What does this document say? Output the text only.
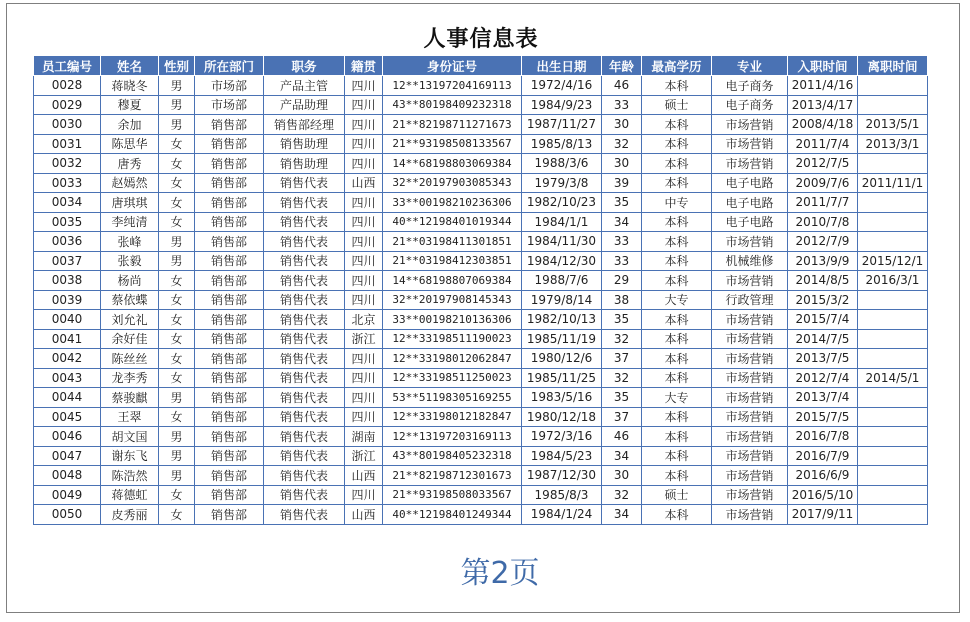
人事信息表
员工编号	姓名	性别	所在部门	职务	籍贯	身份证号	出生日期	年龄	最高学历	专业	入职时间	离职时间
0028	蒋晓冬	男	市场部	产品主管	四川	12**13197204169113	1972/4/16	46	本科	电子商务	2011/4/16	
0029	穆夏	男	市场部	产品助理	四川	43**80198409232318	1984/9/23	33	硕士	电子商务	2013/4/17	
0030	余加	男	销售部	销售部经理	四川	21**82198711271673	1987/11/27	30	本科	市场营销	2008/4/18	2013/5/1
0031	陈思华	女	销售部	销售助理	四川	21**93198508133567	1985/8/13	32	本科	市场营销	2011/7/4	2013/3/1
0032	唐秀	女	销售部	销售助理	四川	14**68198803069384	1988/3/6	30	本科	市场营销	2012/7/5	
0033	赵嫣然	女	销售部	销售代表	山西	32**20197903085343	1979/3/8	39	本科	电子电路	2009/7/6	2011/11/1
0034	唐琪琪	女	销售部	销售代表	四川	33**00198210236306	1982/10/23	35	中专	电子电路	2011/7/7	
0035	李纯清	女	销售部	销售代表	四川	40**12198401019344	1984/1/1	34	本科	电子电路	2010/7/8	
0036	张峰	男	销售部	销售代表	四川	21**03198411301851	1984/11/30	33	本科	市场营销	2012/7/9	
0037	张毅	男	销售部	销售代表	四川	21**03198412303851	1984/12/30	33	本科	机械维修	2013/9/9	2015/12/1
0038	杨尚	女	销售部	销售代表	四川	14**68198807069384	1988/7/6	29	本科	市场营销	2014/8/5	2016/3/1
0039	蔡依蝶	女	销售部	销售代表	四川	32**20197908145343	1979/8/14	38	大专	行政管理	2015/3/2	
0040	刘允礼	女	销售部	销售代表	北京	33**00198210136306	1982/10/13	35	本科	市场营销	2015/7/4	
0041	余好佳	女	销售部	销售代表	浙江	12**33198511190023	1985/11/19	32	本科	市场营销	2014/7/5	
0042	陈丝丝	女	销售部	销售代表	四川	12**33198012062847	1980/12/6	37	本科	市场营销	2013/7/5	
0043	龙李秀	女	销售部	销售代表	四川	12**33198511250023	1985/11/25	32	本科	市场营销	2012/7/4	2014/5/1
0044	蔡骏麒	男	销售部	销售代表	四川	53**51198305169255	1983/5/16	35	大专	市场营销	2013/7/4	
0045	王翠	女	销售部	销售代表	四川	12**33198012182847	1980/12/18	37	本科	市场营销	2015/7/5	
0046	胡文国	男	销售部	销售代表	湖南	12**13197203169113	1972/3/16	46	本科	市场营销	2016/7/8	
0047	谢东飞	男	销售部	销售代表	浙江	43**80198405232318	1984/5/23	34	本科	市场营销	2016/7/9	
0048	陈浩然	男	销售部	销售代表	山西	21**82198712301673	1987/12/30	30	本科	市场营销	2016/6/9	
0049	蒋德虹	女	销售部	销售代表	四川	21**93198508033567	1985/8/3	32	硕士	市场营销	2016/5/10	
0050	皮秀丽	女	销售部	销售代表	山西	40**12198401249344	1984/1/24	34	本科	市场营销	2017/9/11	
第2页
